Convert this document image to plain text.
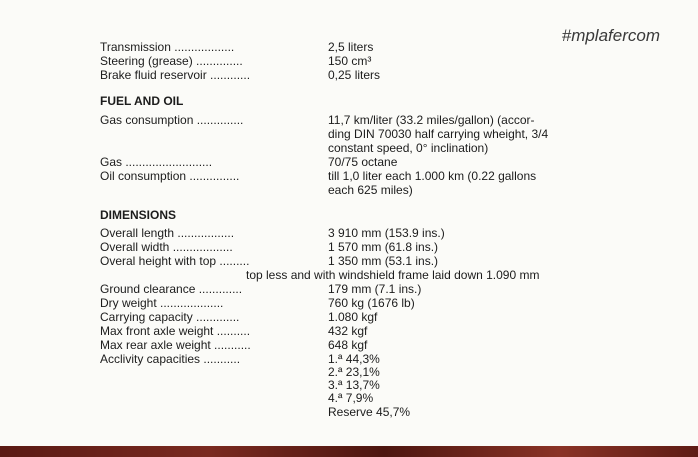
#mplafercom
Transmission ..................	2,5 liters
Steering (grease) ..............	150 cm³
Brake fluid reservoir ............	0,25 liters
FUEL AND OIL
Gas consumption ..............	11,7 km/liter (33.2 miles/gallon) (accor-
ding DIN 70030 half carrying wheight, 3/4
constant speed, 0° inclination)
Gas ..........................	70/75 octane
Oil consumption ...............	till 1,0 liter each 1.000 km (0.22 gallons
each 625 miles)
DIMENSIONS
Overall length .................	3 910 mm (153.9 ins.)
Overall width ..................	1 570 mm (61.8 ins.)
Overal height with top .........	1 350 mm (53.1 ins.)
top less and with windshield frame laid down 1.090 mm
Ground clearance .............	179 mm (7.1 ins.)
Dry weight ...................	760 kg (1676 lb)
Carrying capacity .............	1.080 kgf
Max front axle weight ..........	432 kgf
Max rear axle weight ...........	648 kgf
Acclivity capacities ...........	1.ª 44,3%
2.ª 23,1%
3.ª 13,7%
4.ª 7,9%
Reserve 45,7%
